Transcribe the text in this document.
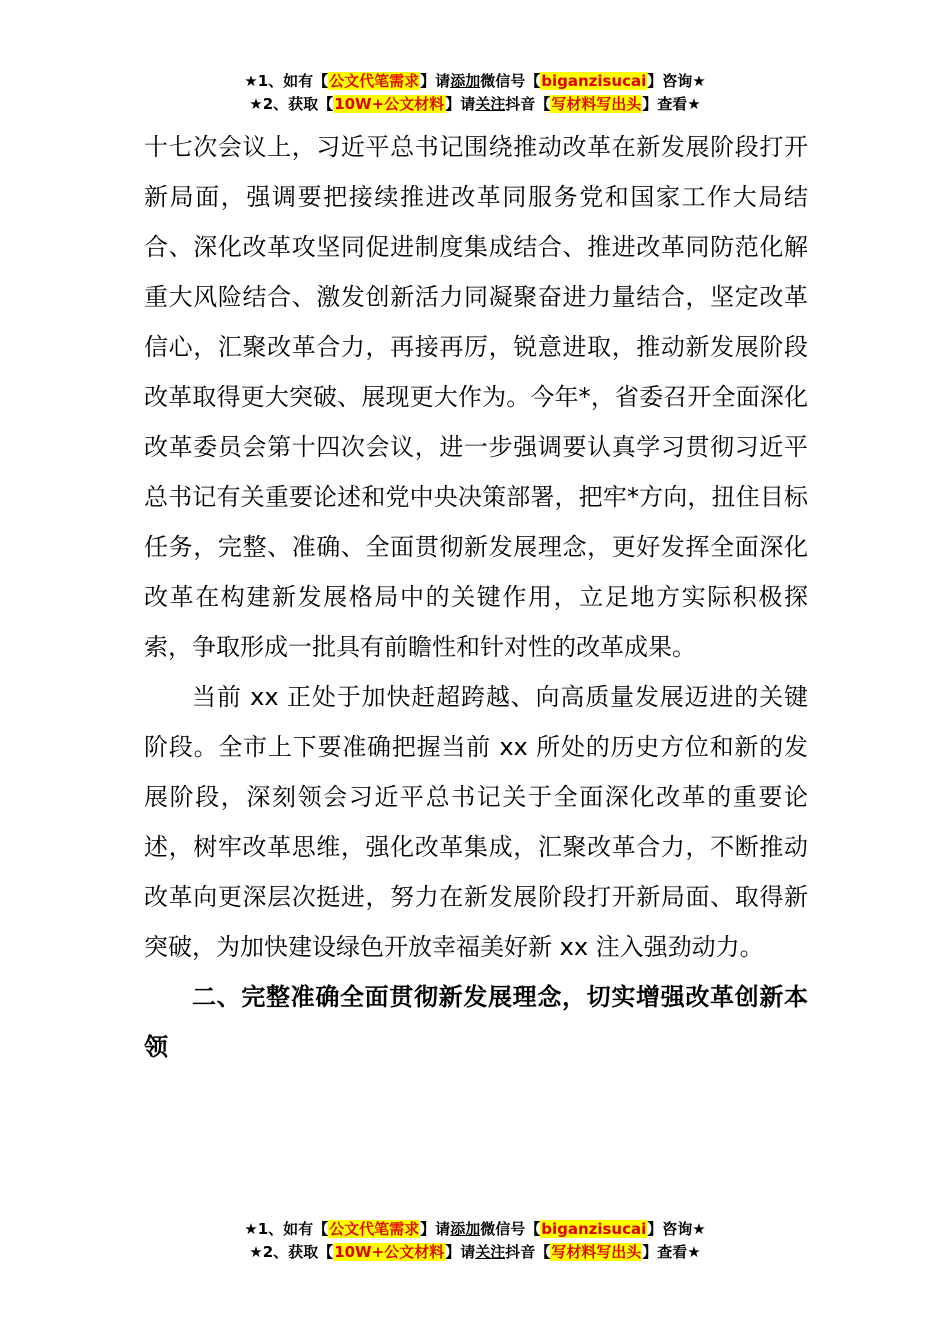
★1、如有【公文代笔需求】请添加微信号【biganzisucai】咨询★
★2、获取【10W+公文材料】请关注抖音【写材料写出头】查看★

十七次会议上，习近平总书记围绕推动改革在新发展阶段打开新局面，强调要把接续推进改革同服务党和国家工作大局结合、深化改革攻坚同促进制度集成结合、推进改革同防范化解重大风险结合、激发创新活力同凝聚奋进力量结合，坚定改革信心，汇聚改革合力，再接再厉，锐意进取，推动新发展阶段改革取得更大突破、展现更大作为。今年*，省委召开全面深化改革委员会第十四次会议，进一步强调要认真学习贯彻习近平总书记有关重要论述和党中央决策部署，把牢*方向，扭住目标任务，完整、准确、全面贯彻新发展理念，更好发挥全面深化改革在构建新发展格局中的关键作用，立足地方实际积极探索，争取形成一批具有前瞻性和针对性的改革成果。

当前 xx 正处于加快赶超跨越、向高质量发展迈进的关键阶段。全市上下要准确把握当前 xx 所处的历史方位和新的发展阶段，深刻领会习近平总书记关于全面深化改革的重要论述，树牢改革思维，强化改革集成，汇聚改革合力，不断推动改革向更深层次挺进，努力在新发展阶段打开新局面、取得新突破，为加快建设绿色开放幸福美好新 xx 注入强劲动力。

二、完整准确全面贯彻新发展理念，切实增强改革创新本领

★1、如有【公文代笔需求】请添加微信号【biganzisucai】咨询★
★2、获取【10W+公文材料】请关注抖音【写材料写出头】查看★
